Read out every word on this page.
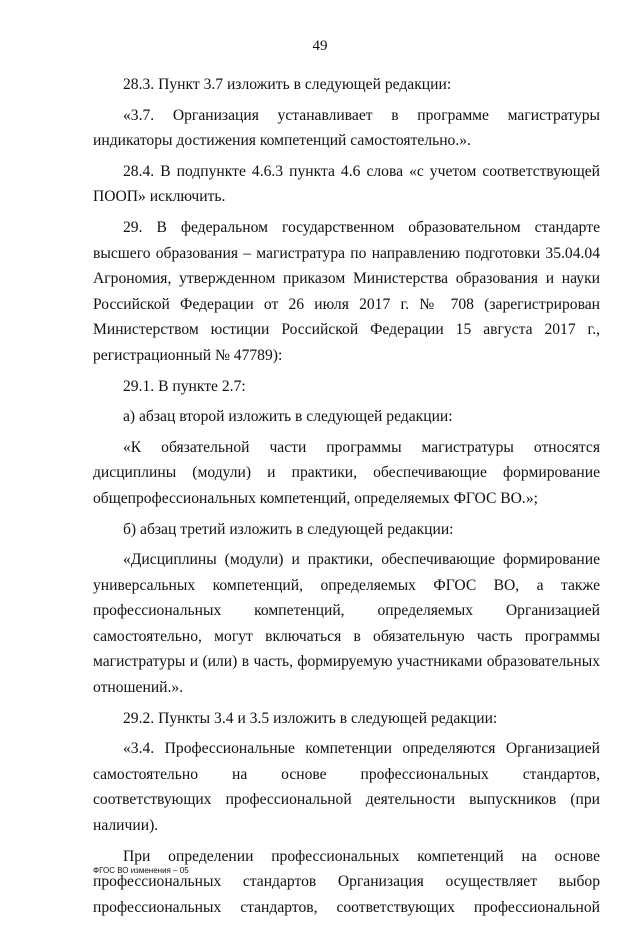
49

28.3. Пункт 3.7 изложить в следующей редакции:

«3.7. Организация устанавливает в программе магистратуры индикаторы достижения компетенций самостоятельно.».

28.4. В подпункте 4.6.3 пункта 4.6 слова «с учетом соответствующей ПООП» исключить.

29. В федеральном государственном образовательном стандарте высшего образования – магистратура по направлению подготовки 35.04.04 Агрономия, утвержденном приказом Министерства образования и науки Российской Федерации от 26 июля 2017 г. № 708 (зарегистрирован Министерством юстиции Российской Федерации 15 августа 2017 г., регистрационный № 47789):

29.1. В пункте 2.7:

а) абзац второй изложить в следующей редакции:

«К обязательной части программы магистратуры относятся дисциплины (модули) и практики, обеспечивающие формирование общепрофессиональных компетенций, определяемых ФГОС ВО.»;

б) абзац третий изложить в следующей редакции:

«Дисциплины (модули) и практики, обеспечивающие формирование универсальных компетенций, определяемых ФГОС ВО, а также профессиональных компетенций, определяемых Организацией самостоятельно, могут включаться в обязательную часть программы магистратуры и (или) в часть, формируемую участниками образовательных отношений.».

29.2. Пункты 3.4 и 3.5 изложить в следующей редакции:

«3.4. Профессиональные компетенции определяются Организацией самостоятельно на основе профессиональных стандартов, соответствующих профессиональной деятельности выпускников (при наличии).

При определении профессиональных компетенций на основе профессиональных стандартов Организация осуществляет выбор профессиональных стандартов, соответствующих профессиональной

ФГОС ВО изменения – 05
